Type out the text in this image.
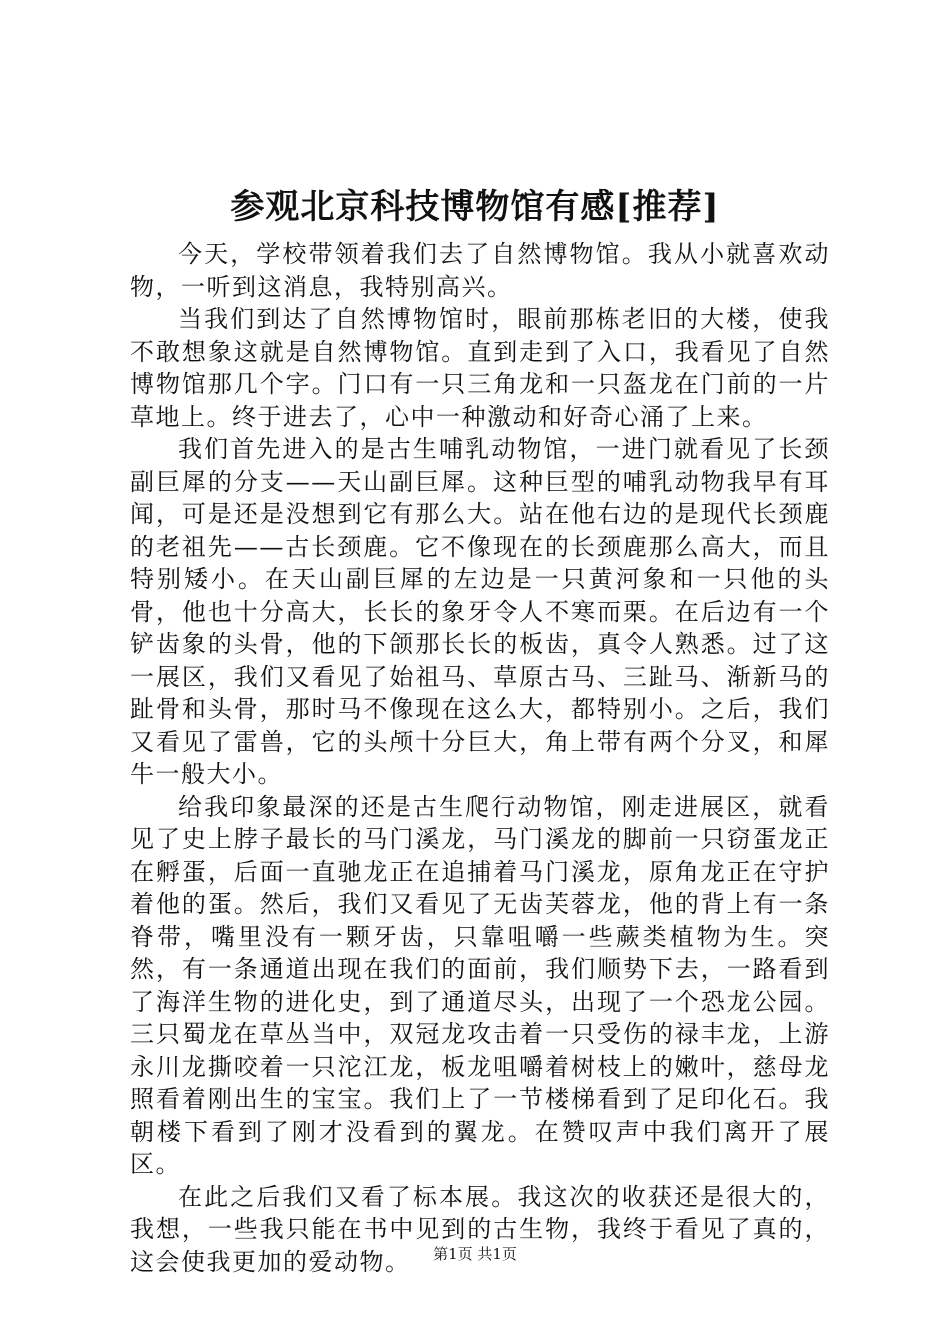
参观北京科技博物馆有感[推荐]

今天，学校带领着我们去了自然博物馆。我从小就喜欢动物，一听到这消息，我特别高兴。

当我们到达了自然博物馆时，眼前那栋老旧的大楼，使我不敢想象这就是自然博物馆。直到走到了入口，我看见了自然博物馆那几个字。门口有一只三角龙和一只盔龙在门前的一片草地上。终于进去了，心中一种激动和好奇心涌了上来。

我们首先进入的是古生哺乳动物馆，一进门就看见了长颈副巨犀的分支——天山副巨犀。这种巨型的哺乳动物我早有耳闻，可是还是没想到它有那么大。站在他右边的是现代长颈鹿的老祖先——古长颈鹿。它不像现在的长颈鹿那么高大，而且特别矮小。在天山副巨犀的左边是一只黄河象和一只他的头骨，他也十分高大，长长的象牙令人不寒而栗。在后边有一个铲齿象的头骨，他的下颌那长长的板齿，真令人熟悉。过了这一展区，我们又看见了始祖马、草原古马、三趾马、渐新马的趾骨和头骨，那时马不像现在这么大，都特别小。之后，我们又看见了雷兽，它的头颅十分巨大，角上带有两个分叉，和犀牛一般大小。

给我印象最深的还是古生爬行动物馆，刚走进展区，就看见了史上脖子最长的马门溪龙，马门溪龙的脚前一只窃蛋龙正在孵蛋，后面一直驰龙正在追捕着马门溪龙，原角龙正在守护着他的蛋。然后，我们又看见了无齿芙蓉龙，他的背上有一条脊带，嘴里没有一颗牙齿，只靠咀嚼一些蕨类植物为生。突然，有一条通道出现在我们的面前，我们顺势下去，一路看到了海洋生物的进化史，到了通道尽头，出现了一个恐龙公园。三只蜀龙在草丛当中，双冠龙攻击着一只受伤的禄丰龙，上游永川龙撕咬着一只沱江龙，板龙咀嚼着树枝上的嫩叶，慈母龙照看着刚出生的宝宝。我们上了一节楼梯看到了足印化石。我朝楼下看到了刚才没看到的翼龙。在赞叹声中我们离开了展区。

在此之后我们又看了标本展。我这次的收获还是很大的，我想，一些我只能在书中见到的古生物，我终于看见了真的，这会使我更加的爱动物。	第1页 共1页
